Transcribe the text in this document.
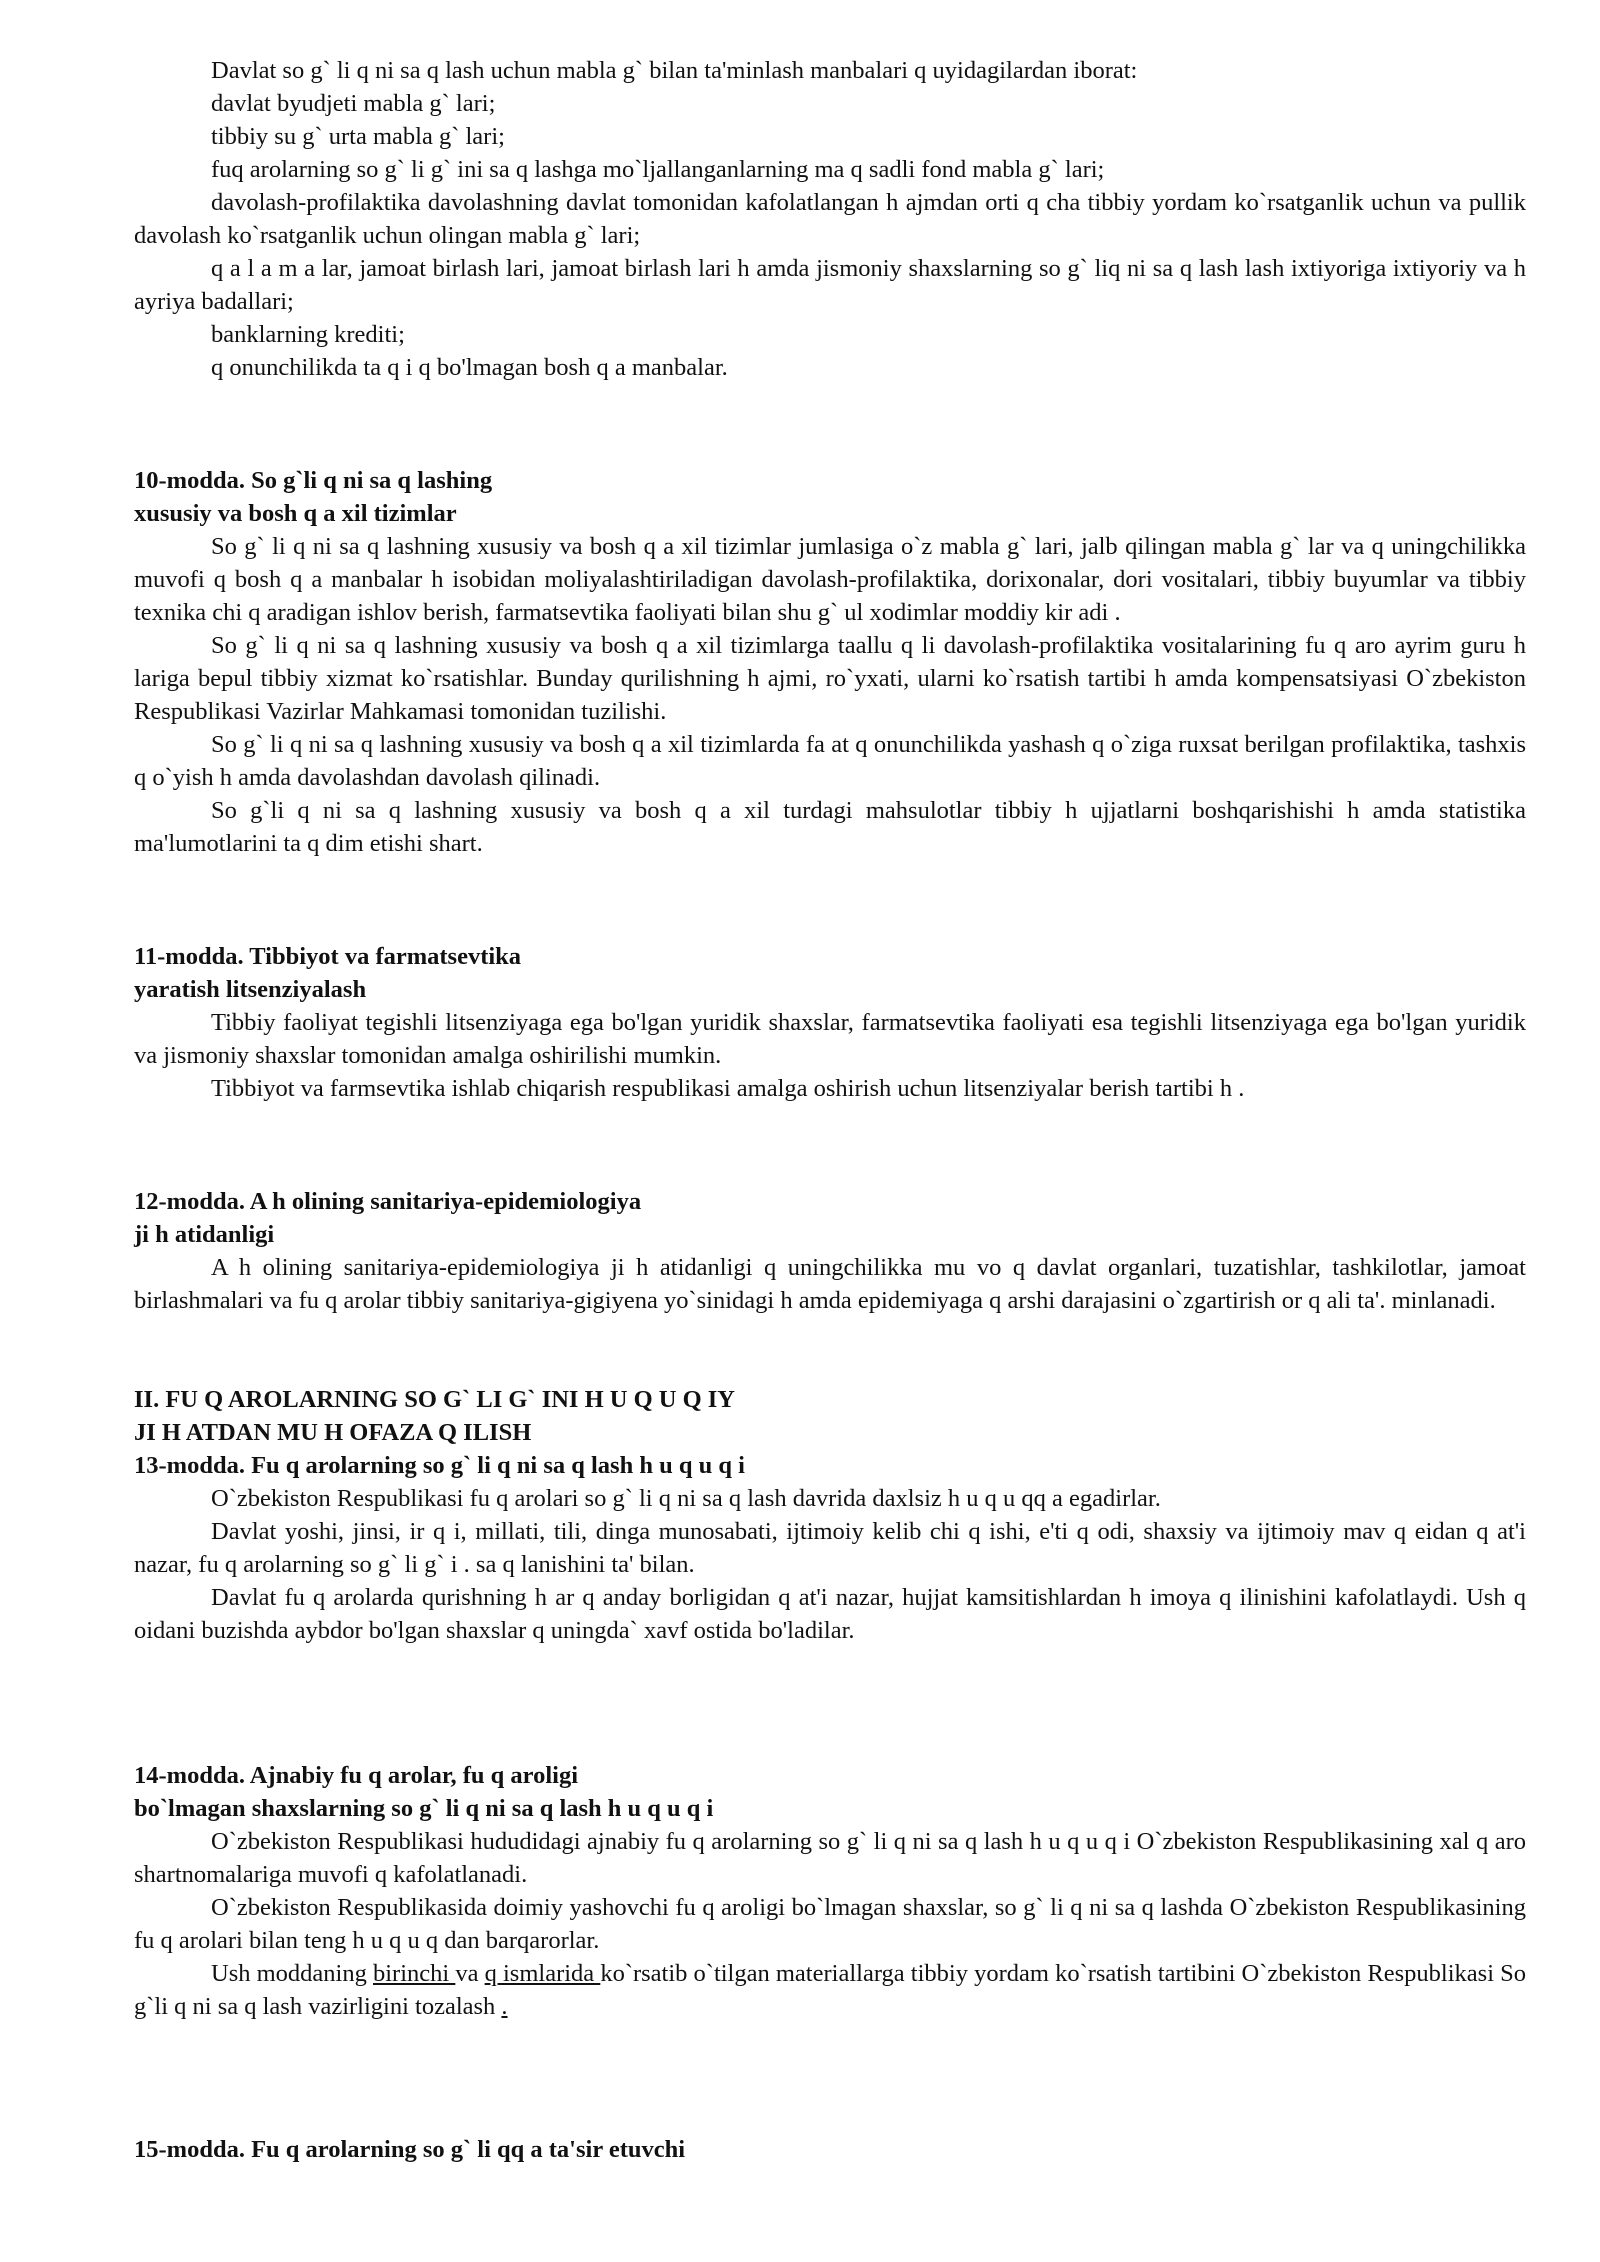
Davlat so g` li q ni sa q lash uchun mabla g` bilan ta'minlash manbalari q uyidagilardan iborat:

davlat byudjeti mabla g` lari;

tibbiy su g` urta mabla g` lari;

fuq arolarning so g` li g` ini sa q lashga mo`ljallanganlarning ma q sadli fond mabla g` lari;

davolash-profilaktika davolashning davlat tomonidan kafolatlangan h ajmdan orti q cha tibbiy yordam ko`rsatganlik uchun va pullik davolash ko`rsatganlik uchun olingan mabla g` lari;

q a l a m a lar, jamoat birlash lari, jamoat birlash lari h amda jismoniy shaxslarning so g` liq ni sa q lash lash ixtiyoriga ixtiyoriy va h ayriya badallari;

banklarning krediti;

q onunchilikda ta q i q bo'lmagan bosh q a manbalar.

10-modda. So g`li q ni sa q lashing

xususiy va bosh q a xil tizimlar

So g` li q ni sa q lashning xususiy va bosh q a xil tizimlar jumlasiga o`z mabla g` lari, jalb qilingan mabla g` lar va q uningchilikka muvofi q bosh q a manbalar h isobidan moliyalashtiriladigan davolash-profilaktika, dorixonalar, dori vositalari, tibbiy buyumlar va tibbiy texnika chi q aradigan ishlov berish, farmatsevtika faoliyati bilan shu g` ul xodimlar moddiy kir adi .

So g` li q ni sa q lashning xususiy va bosh q a xil tizimlarga taallu q li davolash-profilaktika vositalarining fu q aro ayrim guru h lariga bepul tibbiy xizmat ko`rsatishlar. Bunday qurilishning h ajmi, ro`yxati, ularni ko`rsatish tartibi h amda kompensatsiyasi O`zbekiston Respublikasi Vazirlar Mahkamasi tomonidan tuzilishi.

So g` li q ni sa q lashning xususiy va bosh q a xil tizimlarda fa at q onunchilikda yashash q o`ziga ruxsat berilgan profilaktika, tashxis q o`yish h amda davolashdan davolash qilinadi.

So g`li q ni sa q lashning xususiy va bosh q a xil turdagi mahsulotlar tibbiy h ujjatlarni boshqarishishi h amda statistika ma'lumotlarini ta q dim etishi shart.

11-modda. Tibbiyot va farmatsevtika

yaratish litsenziyalash

Tibbiy faoliyat tegishli litsenziyaga ega bo'lgan yuridik shaxslar, farmatsevtika faoliyati esa tegishli litsenziyaga ega bo'lgan yuridik va jismoniy shaxslar tomonidan amalga oshirilishi mumkin.

Tibbiyot va farmsevtika ishlab chiqarish respublikasi amalga oshirish uchun litsenziyalar berish tartibi h .

12-modda. A h olining sanitariya-epidemiologiya

ji h atidanligi

A h olining sanitariya-epidemiologiya ji h atidanligi q uningchilikka mu vo q davlat organlari, tuzatishlar, tashkilotlar, jamoat birlashmalari va fu q arolar tibbiy sanitariya-gigiyena yo`sinidagi h amda epidemiyaga q arshi darajasini o`zgartirish or q ali ta'. minlanadi.

II. FU Q AROLARNING SO G` LI G` INI H U Q U Q IY

JI H ATDAN MU H OFAZA Q ILISH

13-modda. Fu q arolarning so g` li q ni sa q lash h u q u q i

O`zbekiston Respublikasi fu q arolari so g` li q ni sa q lash davrida daxlsiz h u q u qq a egadirlar.

Davlat yoshi, jinsi, ir q i, millati, tili, dinga munosabati, ijtimoiy kelib chi q ishi, e'ti q odi, shaxsiy va ijtimoiy mav q eidan q at'i nazar, fu q arolarning so g` li g` i . sa q lanishini ta' bilan.

Davlat fu q arolarda qurishning h ar q anday borligidan q at'i nazar, hujjat kamsitishlardan h imoya q ilinishini kafolatlaydi. Ush q oidani buzishda aybdor bo'lgan shaxslar q uningda` xavf ostida bo'ladilar.

14-modda. Ajnabiy fu q arolar, fu q aroligi

bo`lmagan shaxslarning so g` li q ni sa q lash h u q u q i

O`zbekiston Respublikasi hududidagi ajnabiy fu q arolarning so g` li q ni sa q lash h u q u q i O`zbekiston Respublikasining xal q aro shartnomalariga muvofi q kafolatlanadi.

O`zbekiston Respublikasida doimiy yashovchi fu q aroligi bo`lmagan shaxslar, so g` li q ni sa q lashda O`zbekiston Respublikasining fu q arolari bilan teng h u q u q dan barqarorlar.

Ush moddaning birinchi va q ismlarida ko`rsatib o`tilgan materiallarga tibbiy yordam ko`rsatish tartibini O`zbekiston Respublikasi So g`li q ni sa q lash vazirligini tozalash .

15-modda. Fu q arolarning so g` li qq a ta'sir etuvchi
